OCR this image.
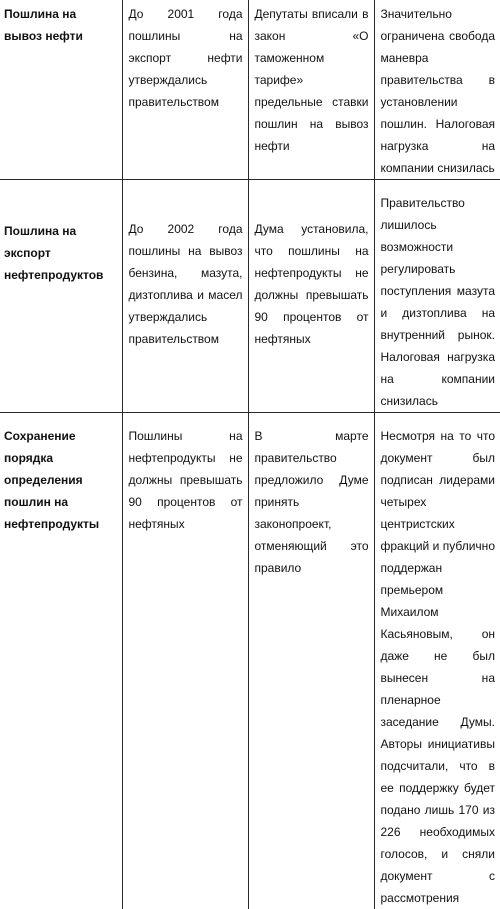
Пошлина на вывоз нефти	До 2001 года пошлины на экспорт нефти утверждались правительством	Депутаты вписали в закон «О таможенном тарифе» предельные ставки пошлин на вывоз нефти	Значительно ограничена свобода маневра правительства в установлении пошлин. Налоговая нагрузка на компании снизилась
Пошлина на экспорт нефтепродуктов	До 2002 года пошлины на вывоз бензина, мазута, дизтоплива и масел утверждались правительством	Дума установила, что пошлины на нефтепродукты не должны превышать 90 процентов от нефтяных	Правительство лишилось возможности регулировать поступления мазута и дизтоплива на внутренний рынок. Налоговая нагрузка на компании снизилась
Сохранение порядка определения пошлин на нефтепродукты	Пошлины на нефтепродукты не должны превышать 90 процентов от нефтяных	В марте правительство предложило Думе принять законопроект, отменяющий это правило	Несмотря на то что документ был подписан лидерами четырех центристских фракций и публично поддержан премьером Михаилом Касьяновым, он даже не был вынесен на пленарное заседание Думы. Авторы инициативы подсчитали, что в ее поддержку будет подано лишь 170 из 226 необходимых голосов, и сняли документ с рассмотрения
